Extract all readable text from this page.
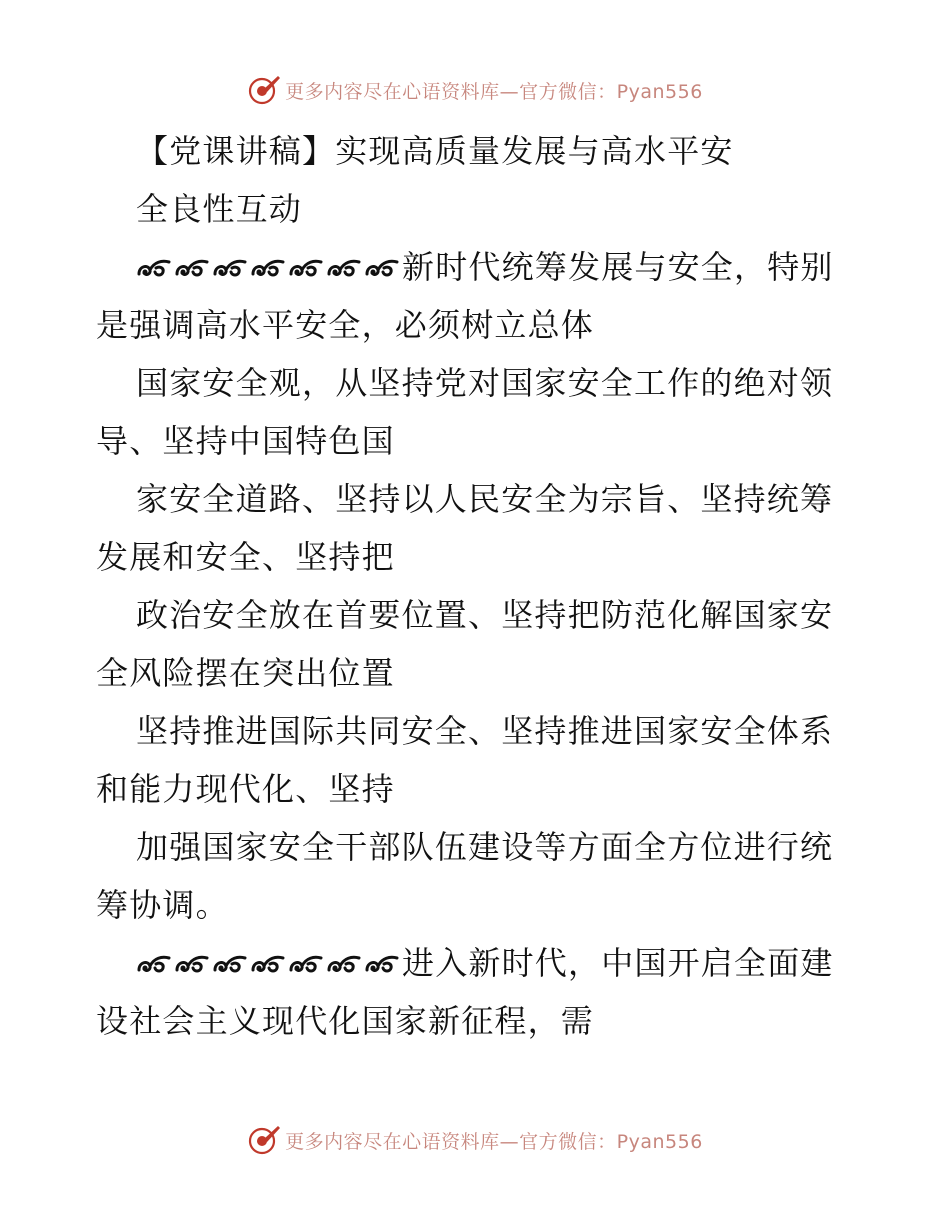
更多内容尽在心语资料库—官方微信：Pyan556
【党课讲稿】实现高质量发展与高水平安
全良性互动
新时代统筹发展与安全，特别
是强调高水平安全，必须树立总体
国家安全观，从坚持党对国家安全工作的绝对领
导、坚持中国特色国
家安全道路、坚持以人民安全为宗旨、坚持统筹
发展和安全、坚持把
政治安全放在首要位置、坚持把防范化解国家安
全风险摆在突出位置
坚持推进国际共同安全、坚持推进国家安全体系
和能力现代化、坚持
加强国家安全干部队伍建设等方面全方位进行统
筹协调。
进入新时代，中国开启全面建
设社会主义现代化国家新征程，需
更多内容尽在心语资料库—官方微信：Pyan556
